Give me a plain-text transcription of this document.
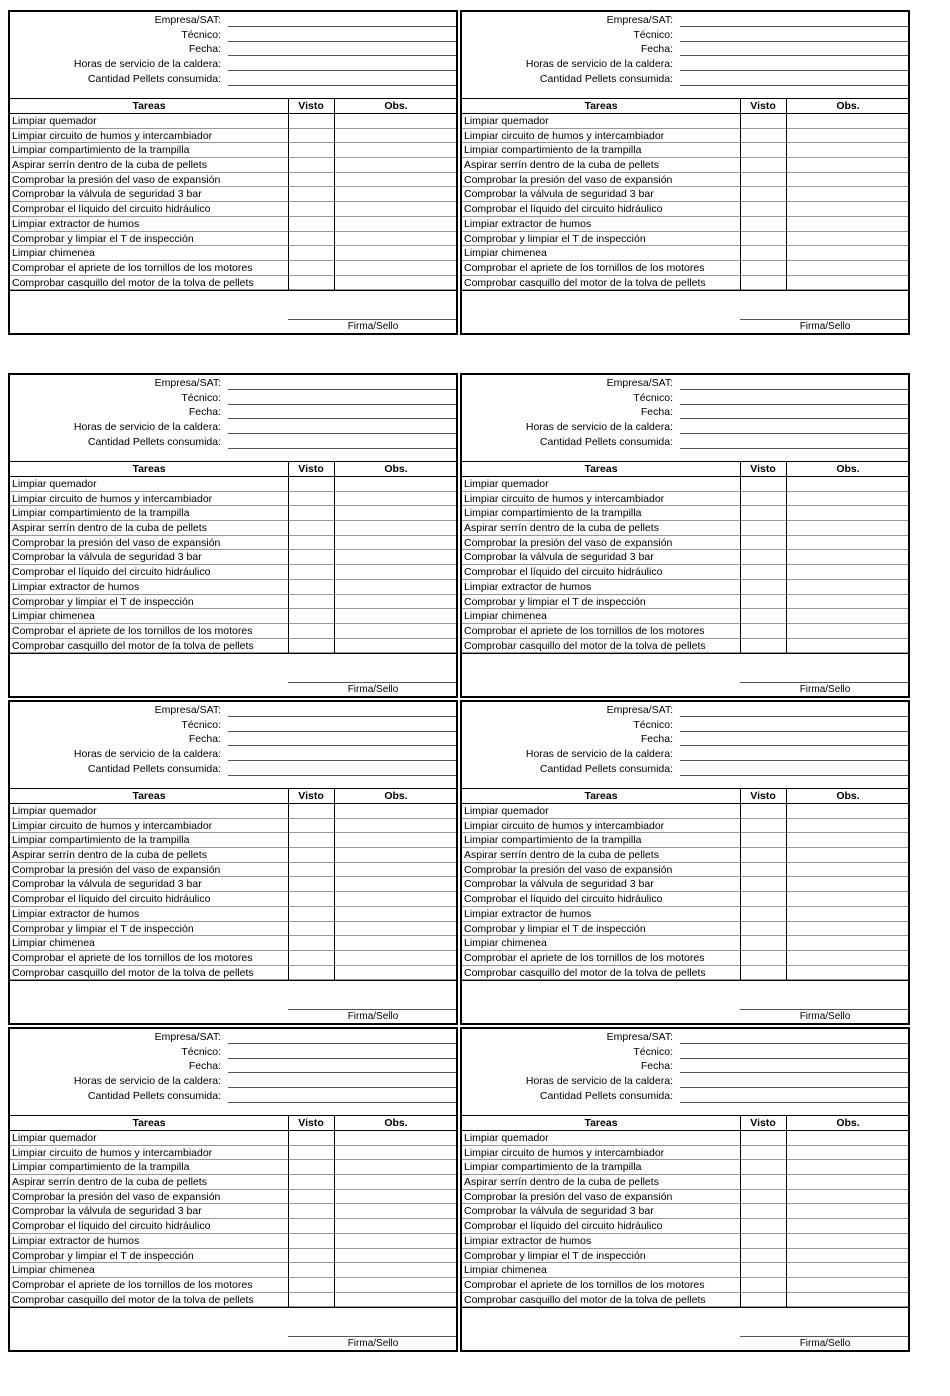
Empresa/SAT:
Técnico:
Fecha:
Horas de servicio de la caldera:
Cantidad Pellets consumida:
Tareas	Visto	Obs.
Limpiar quemador
Limpiar circuito de humos y intercambiador
Limpiar compartimiento de la trampilla
Aspirar serrín dentro de la cuba de pellets
Comprobar la presión del vaso de expansión
Comprobar la válvula de seguridad 3 bar
Comprobar el líquido del circuito hidráulico
Limpiar extractor de humos
Comprobar y limpiar el T de inspección
Limpiar chimenea
Comprobar el apriete de los tornillos de los motores
Comprobar casquillo del motor de la tolva de pellets
Firma/Sello
Empresa/SAT:
Técnico:
Fecha:
Horas de servicio de la caldera:
Cantidad Pellets consumida:
Tareas	Visto	Obs.
Limpiar quemador
Limpiar circuito de humos y intercambiador
Limpiar compartimiento de la trampilla
Aspirar serrín dentro de la cuba de pellets
Comprobar la presión del vaso de expansión
Comprobar la válvula de seguridad 3 bar
Comprobar el líquido del circuito hidráulico
Limpiar extractor de humos
Comprobar y limpiar el T de inspección
Limpiar chimenea
Comprobar el apriete de los tornillos de los motores
Comprobar casquillo del motor de la tolva de pellets
Firma/Sello
Empresa/SAT:
Técnico:
Fecha:
Horas de servicio de la caldera:
Cantidad Pellets consumida:
Tareas	Visto	Obs.
Limpiar quemador
Limpiar circuito de humos y intercambiador
Limpiar compartimiento de la trampilla
Aspirar serrín dentro de la cuba de pellets
Comprobar la presión del vaso de expansión
Comprobar la válvula de seguridad 3 bar
Comprobar el líquido del circuito hidráulico
Limpiar extractor de humos
Comprobar y limpiar el T de inspección
Limpiar chimenea
Comprobar el apriete de los tornillos de los motores
Comprobar casquillo del motor de la tolva de pellets
Firma/Sello
Empresa/SAT:
Técnico:
Fecha:
Horas de servicio de la caldera:
Cantidad Pellets consumida:
Tareas	Visto	Obs.
Limpiar quemador
Limpiar circuito de humos y intercambiador
Limpiar compartimiento de la trampilla
Aspirar serrín dentro de la cuba de pellets
Comprobar la presión del vaso de expansión
Comprobar la válvula de seguridad 3 bar
Comprobar el líquido del circuito hidráulico
Limpiar extractor de humos
Comprobar y limpiar el T de inspección
Limpiar chimenea
Comprobar el apriete de los tornillos de los motores
Comprobar casquillo del motor de la tolva de pellets
Firma/Sello
Empresa/SAT:
Técnico:
Fecha:
Horas de servicio de la caldera:
Cantidad Pellets consumida:
Tareas	Visto	Obs.
Limpiar quemador
Limpiar circuito de humos y intercambiador
Limpiar compartimiento de la trampilla
Aspirar serrín dentro de la cuba de pellets
Comprobar la presión del vaso de expansión
Comprobar la válvula de seguridad 3 bar
Comprobar el líquido del circuito hidráulico
Limpiar extractor de humos
Comprobar y limpiar el T de inspección
Limpiar chimenea
Comprobar el apriete de los tornillos de los motores
Comprobar casquillo del motor de la tolva de pellets
Firma/Sello
Empresa/SAT:
Técnico:
Fecha:
Horas de servicio de la caldera:
Cantidad Pellets consumida:
Tareas	Visto	Obs.
Limpiar quemador
Limpiar circuito de humos y intercambiador
Limpiar compartimiento de la trampilla
Aspirar serrín dentro de la cuba de pellets
Comprobar la presión del vaso de expansión
Comprobar la válvula de seguridad 3 bar
Comprobar el líquido del circuito hidráulico
Limpiar extractor de humos
Comprobar y limpiar el T de inspección
Limpiar chimenea
Comprobar el apriete de los tornillos de los motores
Comprobar casquillo del motor de la tolva de pellets
Firma/Sello
Empresa/SAT:
Técnico:
Fecha:
Horas de servicio de la caldera:
Cantidad Pellets consumida:
Tareas	Visto	Obs.
Limpiar quemador
Limpiar circuito de humos y intercambiador
Limpiar compartimiento de la trampilla
Aspirar serrín dentro de la cuba de pellets
Comprobar la presión del vaso de expansión
Comprobar la válvula de seguridad 3 bar
Comprobar el líquido del circuito hidráulico
Limpiar extractor de humos
Comprobar y limpiar el T de inspección
Limpiar chimenea
Comprobar el apriete de los tornillos de los motores
Comprobar casquillo del motor de la tolva de pellets
Firma/Sello
Empresa/SAT:
Técnico:
Fecha:
Horas de servicio de la caldera:
Cantidad Pellets consumida:
Tareas	Visto	Obs.
Limpiar quemador
Limpiar circuito de humos y intercambiador
Limpiar compartimiento de la trampilla
Aspirar serrín dentro de la cuba de pellets
Comprobar la presión del vaso de expansión
Comprobar la válvula de seguridad 3 bar
Comprobar el líquido del circuito hidráulico
Limpiar extractor de humos
Comprobar y limpiar el T de inspección
Limpiar chimenea
Comprobar el apriete de los tornillos de los motores
Comprobar casquillo del motor de la tolva de pellets
Firma/Sello
